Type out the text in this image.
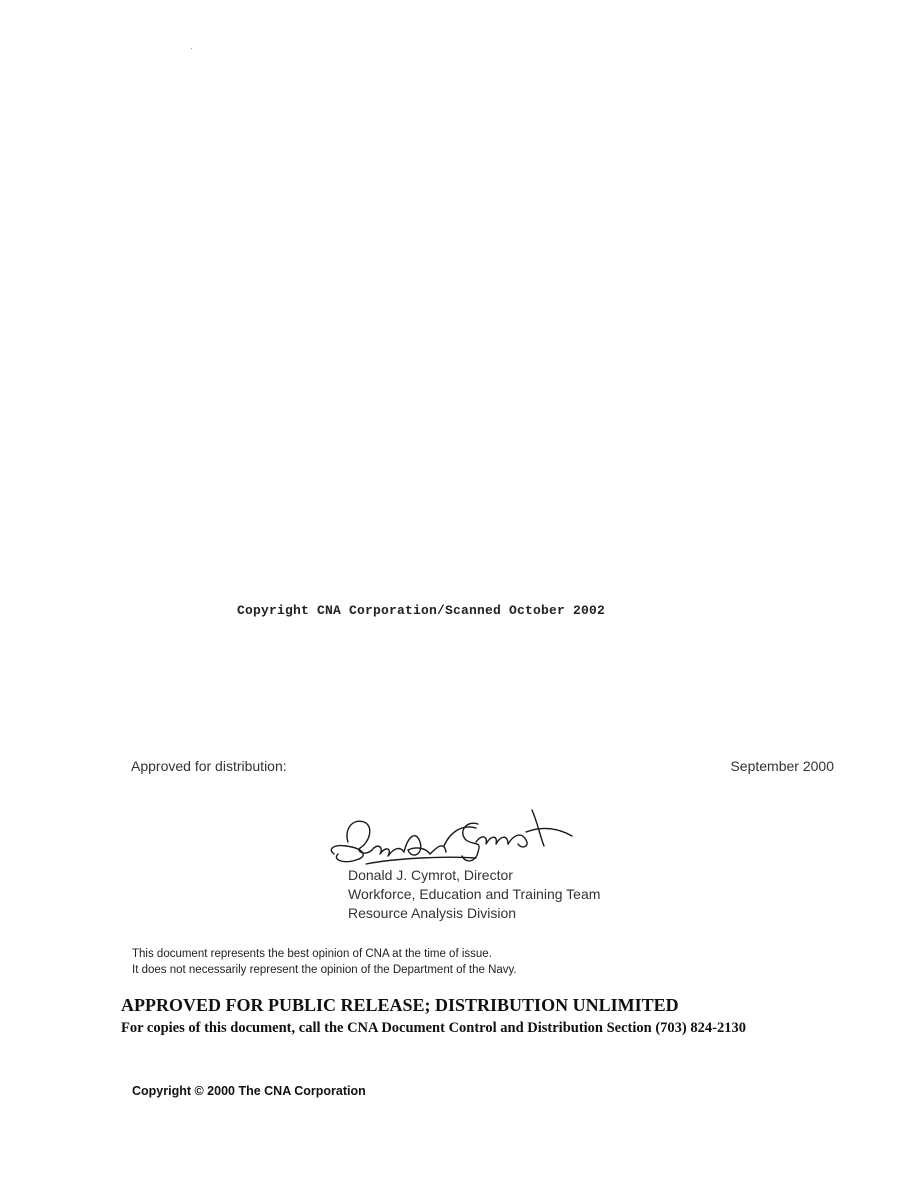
Copyright CNA Corporation/Scanned October 2002
Approved for distribution:	September 2000
Donald J. Cymrot, Director
Workforce, Education and Training Team
Resource Analysis Division
This document represents the best opinion of CNA at the time of issue.
It does not necessarily represent the opinion of the Department of the Navy.
APPROVED FOR PUBLIC RELEASE; DISTRIBUTION UNLIMITED
For copies of this document, call the CNA Document Control and Distribution Section (703) 824-2130
Copyright © 2000 The CNA Corporation
